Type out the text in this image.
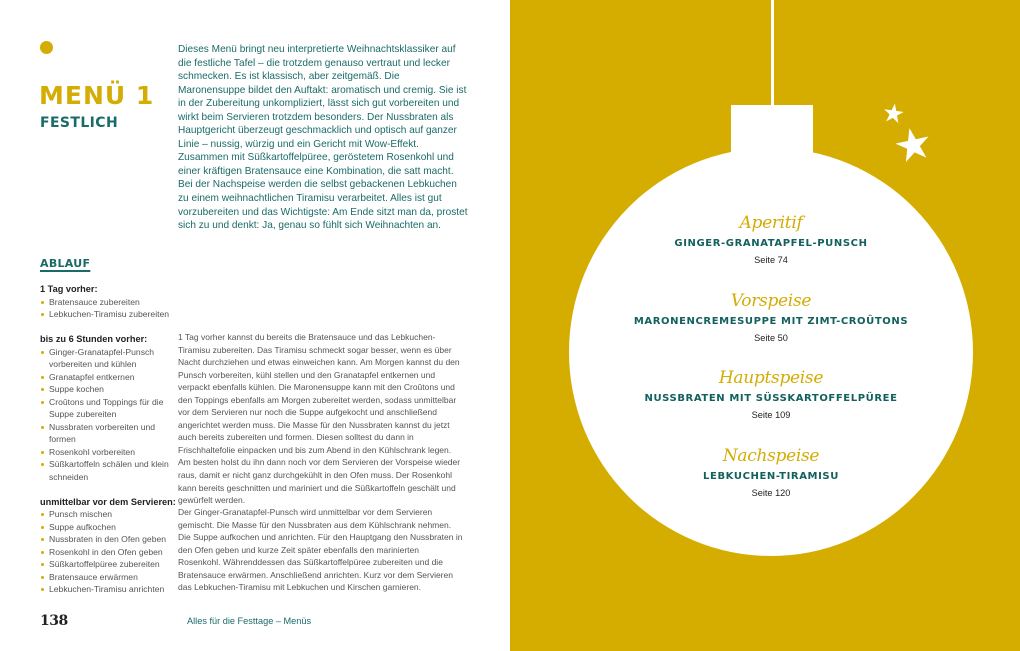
MENÜ 1
FESTLICH

Dieses Menü bringt neu interpretierte Weihnachtsklassiker auf die festliche Tafel – die trotzdem genauso vertraut und lecker schmecken. Es ist klassisch, aber zeitgemäß. Die Maronensuppe bildet den Auftakt: aromatisch und cremig. Sie ist in der Zubereitung unkompliziert, lässt sich gut vorbereiten und wirkt beim Servieren trotzdem besonders. Der Nussbraten als Hauptgericht überzeugt geschmacklich und optisch auf ganzer Linie – nussig, würzig und ein Gericht mit Wow-Effekt. Zusammen mit Süßkartoffelpüree, geröstetem Rosenkohl und einer kräftigen Bratensauce eine Kombination, die satt macht. Bei der Nachspeise werden die selbst gebackenen Lebkuchen zu einem weihnachtlichen Tiramisu verarbeitet. Alles ist gut vorzubereiten und das Wichtigste: Am Ende sitzt man da, prostet sich zu und denkt: Ja, genau so fühlt sich Weihnachten an.

ABLAUF
1 Tag vorher:
Bratensauce zubereiten
Lebkuchen-Tiramisu zubereiten
bis zu 6 Stunden vorher:
Ginger-Granatapfel-Punsch vorbereiten und kühlen
Granatapfel entkernen
Suppe kochen
Croûtons und Toppings für die Suppe zubereiten
Nussbraten vorbereiten und formen
Rosenkohl vorbereiten
Süßkartoffeln schälen und klein schneiden
unmittelbar vor dem Servieren:
Punsch mischen
Suppe aufkochen
Nussbraten in den Ofen geben
Rosenkohl in den Ofen geben
Süßkartoffelpüree zubereiten
Bratensauce erwärmen
Lebkuchen-Tiramisu anrichten

1 Tag vorher kannst du bereits die Bratensauce und das Lebkuchen-Tiramisu zubereiten. Das Tiramisu schmeckt sogar besser, wenn es über Nacht durchziehen und etwas einweichen kann. Am Morgen kannst du den Punsch vorbereiten, kühl stellen und den Granatapfel entkernen und verpackt ebenfalls kühlen. Die Maronensuppe kann mit den Croûtons und den Toppings ebenfalls am Morgen zubereitet werden, sodass unmittelbar vor dem Servieren nur noch die Suppe aufgekocht und anschließend angerichtet werden muss. Die Masse für den Nussbraten kannst du jetzt auch bereits zubereiten und formen. Diesen solltest du dann in Frischhaltefolie einpacken und bis zum Abend in den Kühlschrank legen. Am besten holst du ihn dann noch vor dem Servieren der Vorspeise wieder raus, damit er nicht ganz durchgekühlt in den Ofen muss. Der Rosenkohl kann bereits geschnitten und mariniert und die Süßkartoffeln geschält und gewürfelt werden.

Der Ginger-Granatapfel-Punsch wird unmittelbar vor dem Servieren gemischt. Die Masse für den Nussbraten aus dem Kühlschrank nehmen. Die Suppe aufkochen und anrichten. Für den Hauptgang den Nussbraten in den Ofen geben und kurze Zeit später ebenfalls den marinierten Rosenkohl. Währenddessen das Süßkartoffelpüree zubereiten und die Bratensauce erwärmen. Anschließend anrichten. Kurz vor dem Servieren das Lebkuchen-Tiramisu mit Lebkuchen und Kirschen garnieren.

138	Alles für die Festtage – Menüs
Aperitif
GINGER-GRANATAPFEL-PUNSCH
Seite 74
Vorspeise
MARONENCREMESUPPE MIT ZIMT-CROÛTONS
Seite 50
Hauptspeise
NUSSBRATEN MIT SÜSSKARTOFFELPÜREE
Seite 109
Nachspeise
LEBKUCHEN-TIRAMISU
Seite 120
